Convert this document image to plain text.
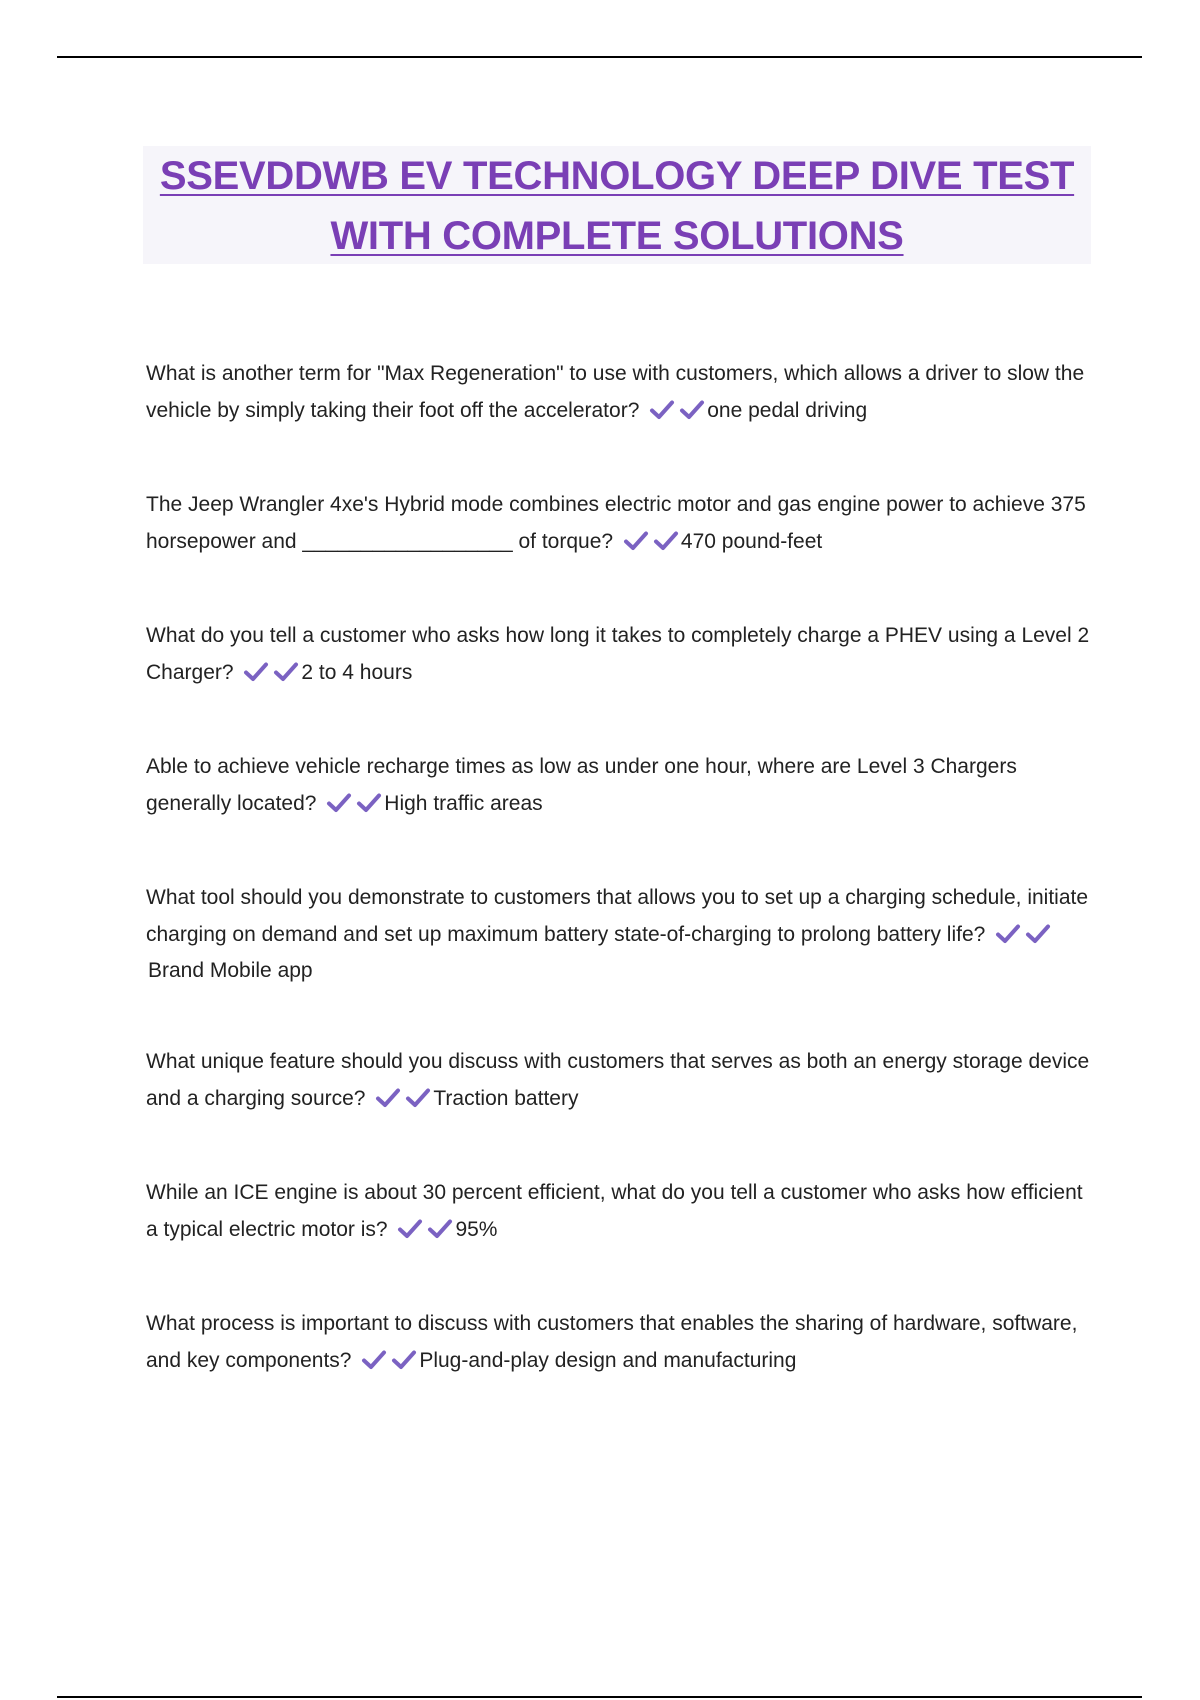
SSEVDDWB EV TECHNOLOGY DEEP DIVE TEST
WITH COMPLETE SOLUTIONS
What is another term for "Max Regeneration" to use with customers, which allows a driver to slow the vehicle by simply taking their foot off the accelerator?	one pedal driving
The Jeep Wrangler 4xe's Hybrid mode combines electric motor and gas engine power to achieve 375 horsepower and __________________ of torque?	470 pound-feet
What do you tell a customer who asks how long it takes to completely charge a PHEV using a Level 2 Charger?	2 to 4 hours
Able to achieve vehicle recharge times as low as under one hour, where are Level 3 Chargers generally located?	High traffic areas
What tool should you demonstrate to customers that allows you to set up a charging schedule, initiate charging on demand and set up maximum battery state-of-charging to prolong battery life?
Brand Mobile app
What unique feature should you discuss with customers that serves as both an energy storage device and a charging source?	Traction battery
While an ICE engine is about 30 percent efficient, what do you tell a customer who asks how efficient a typical electric motor is?	95%
What process is important to discuss with customers that enables the sharing of hardware, software, and key components?	Plug-and-play design and manufacturing
